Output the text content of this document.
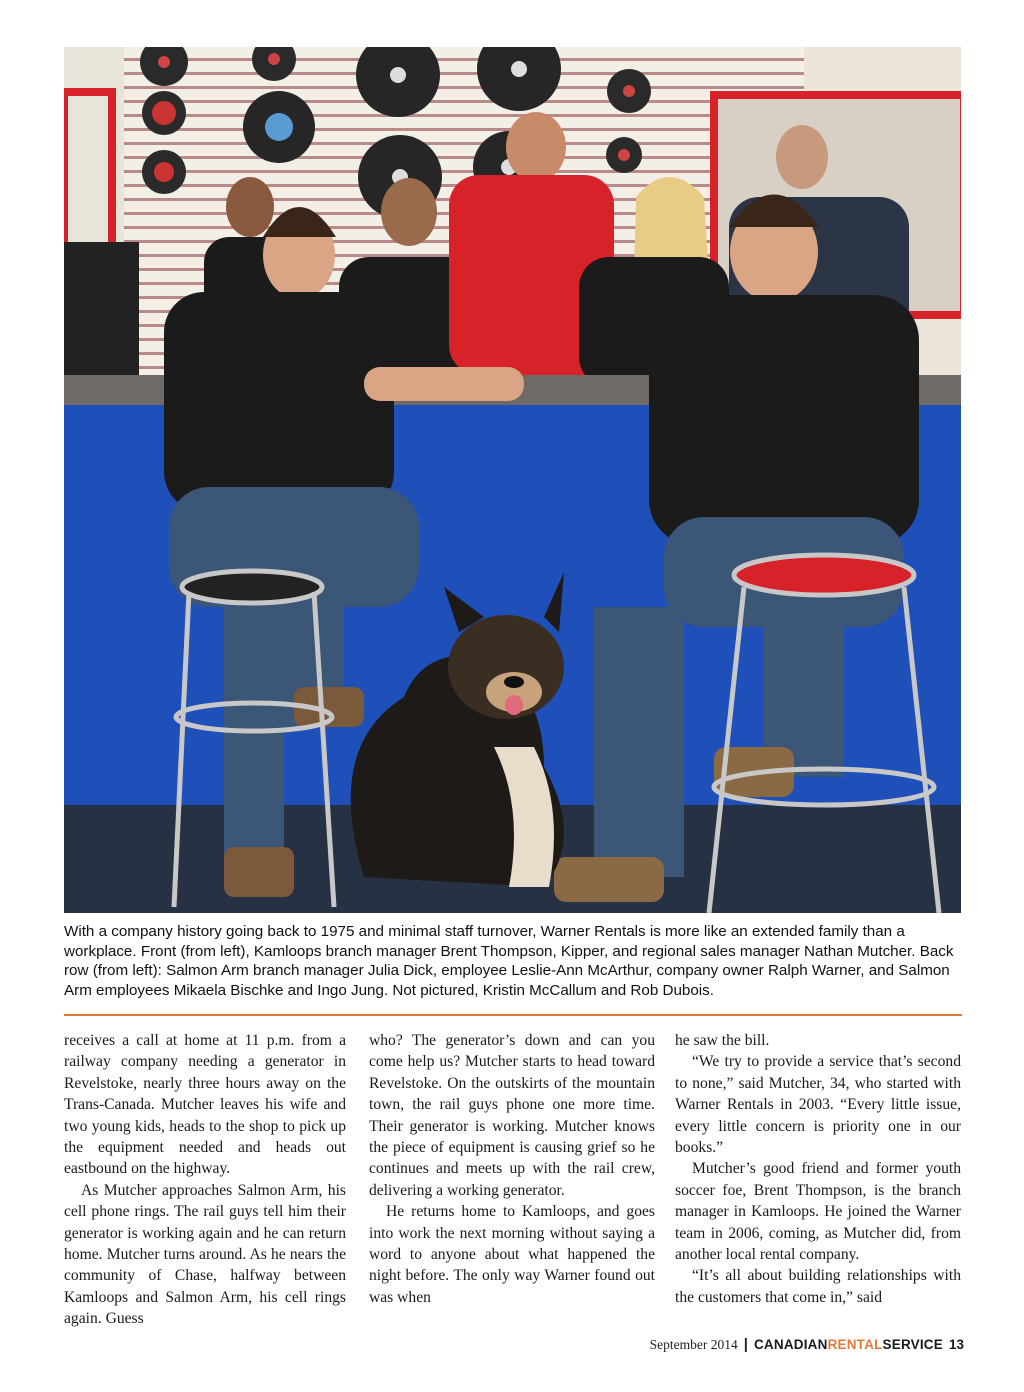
With a company history going back to 1975 and minimal staff turnover, Warner Rentals is more like an extended family than a workplace. Front (from left), Kamloops branch manager Brent Thompson, Kipper, and regional sales manager Nathan Mutcher. Back row (from left): Salmon Arm branch manager Julia Dick, employee Leslie-Ann McArthur, company owner Ralph Warner, and Salmon Arm employees Mikaela Bischke and Ingo Jung. Not pictured, Kristin McCallum and Rob Dubois.

receives a call at home at 11 p.m. from a railway company needing a generator in Revelstoke, nearly three hours away on the Trans-Canada. Mutcher leaves his wife and two young kids, heads to the shop to pick up the equipment needed and heads out eastbound on the highway.

As Mutcher approaches Salmon Arm, his cell phone rings. The rail guys tell him their generator is working again and he can return home. Mutcher turns around. As he nears the community of Chase, halfway between Kamloops and Salmon Arm, his cell rings again. Guess

who? The generator’s down and can you come help us? Mutcher starts to head toward Revelstoke. On the outskirts of the mountain town, the rail guys phone one more time. Their generator is working. Mutcher knows the piece of equipment is causing grief so he continues and meets up with the rail crew, delivering a working generator.

He returns home to Kamloops, and goes into work the next morning without saying a word to anyone about what happened the night before. The only way Warner found out was when

he saw the bill.

“We try to provide a service that’s second to none,” said Mutcher, 34, who started with Warner Rentals in 2003. “Every little issue, every little concern is priority one in our books.”

Mutcher’s good friend and former youth soccer foe, Brent Thompson, is the branch manager in Kamloops. He joined the Warner team in 2006, coming, as Mutcher did, from another local rental company.

“It’s all about building relationships with the customers that come in,” said

September 2014 | CANADIANRENTALSERVICE 13
